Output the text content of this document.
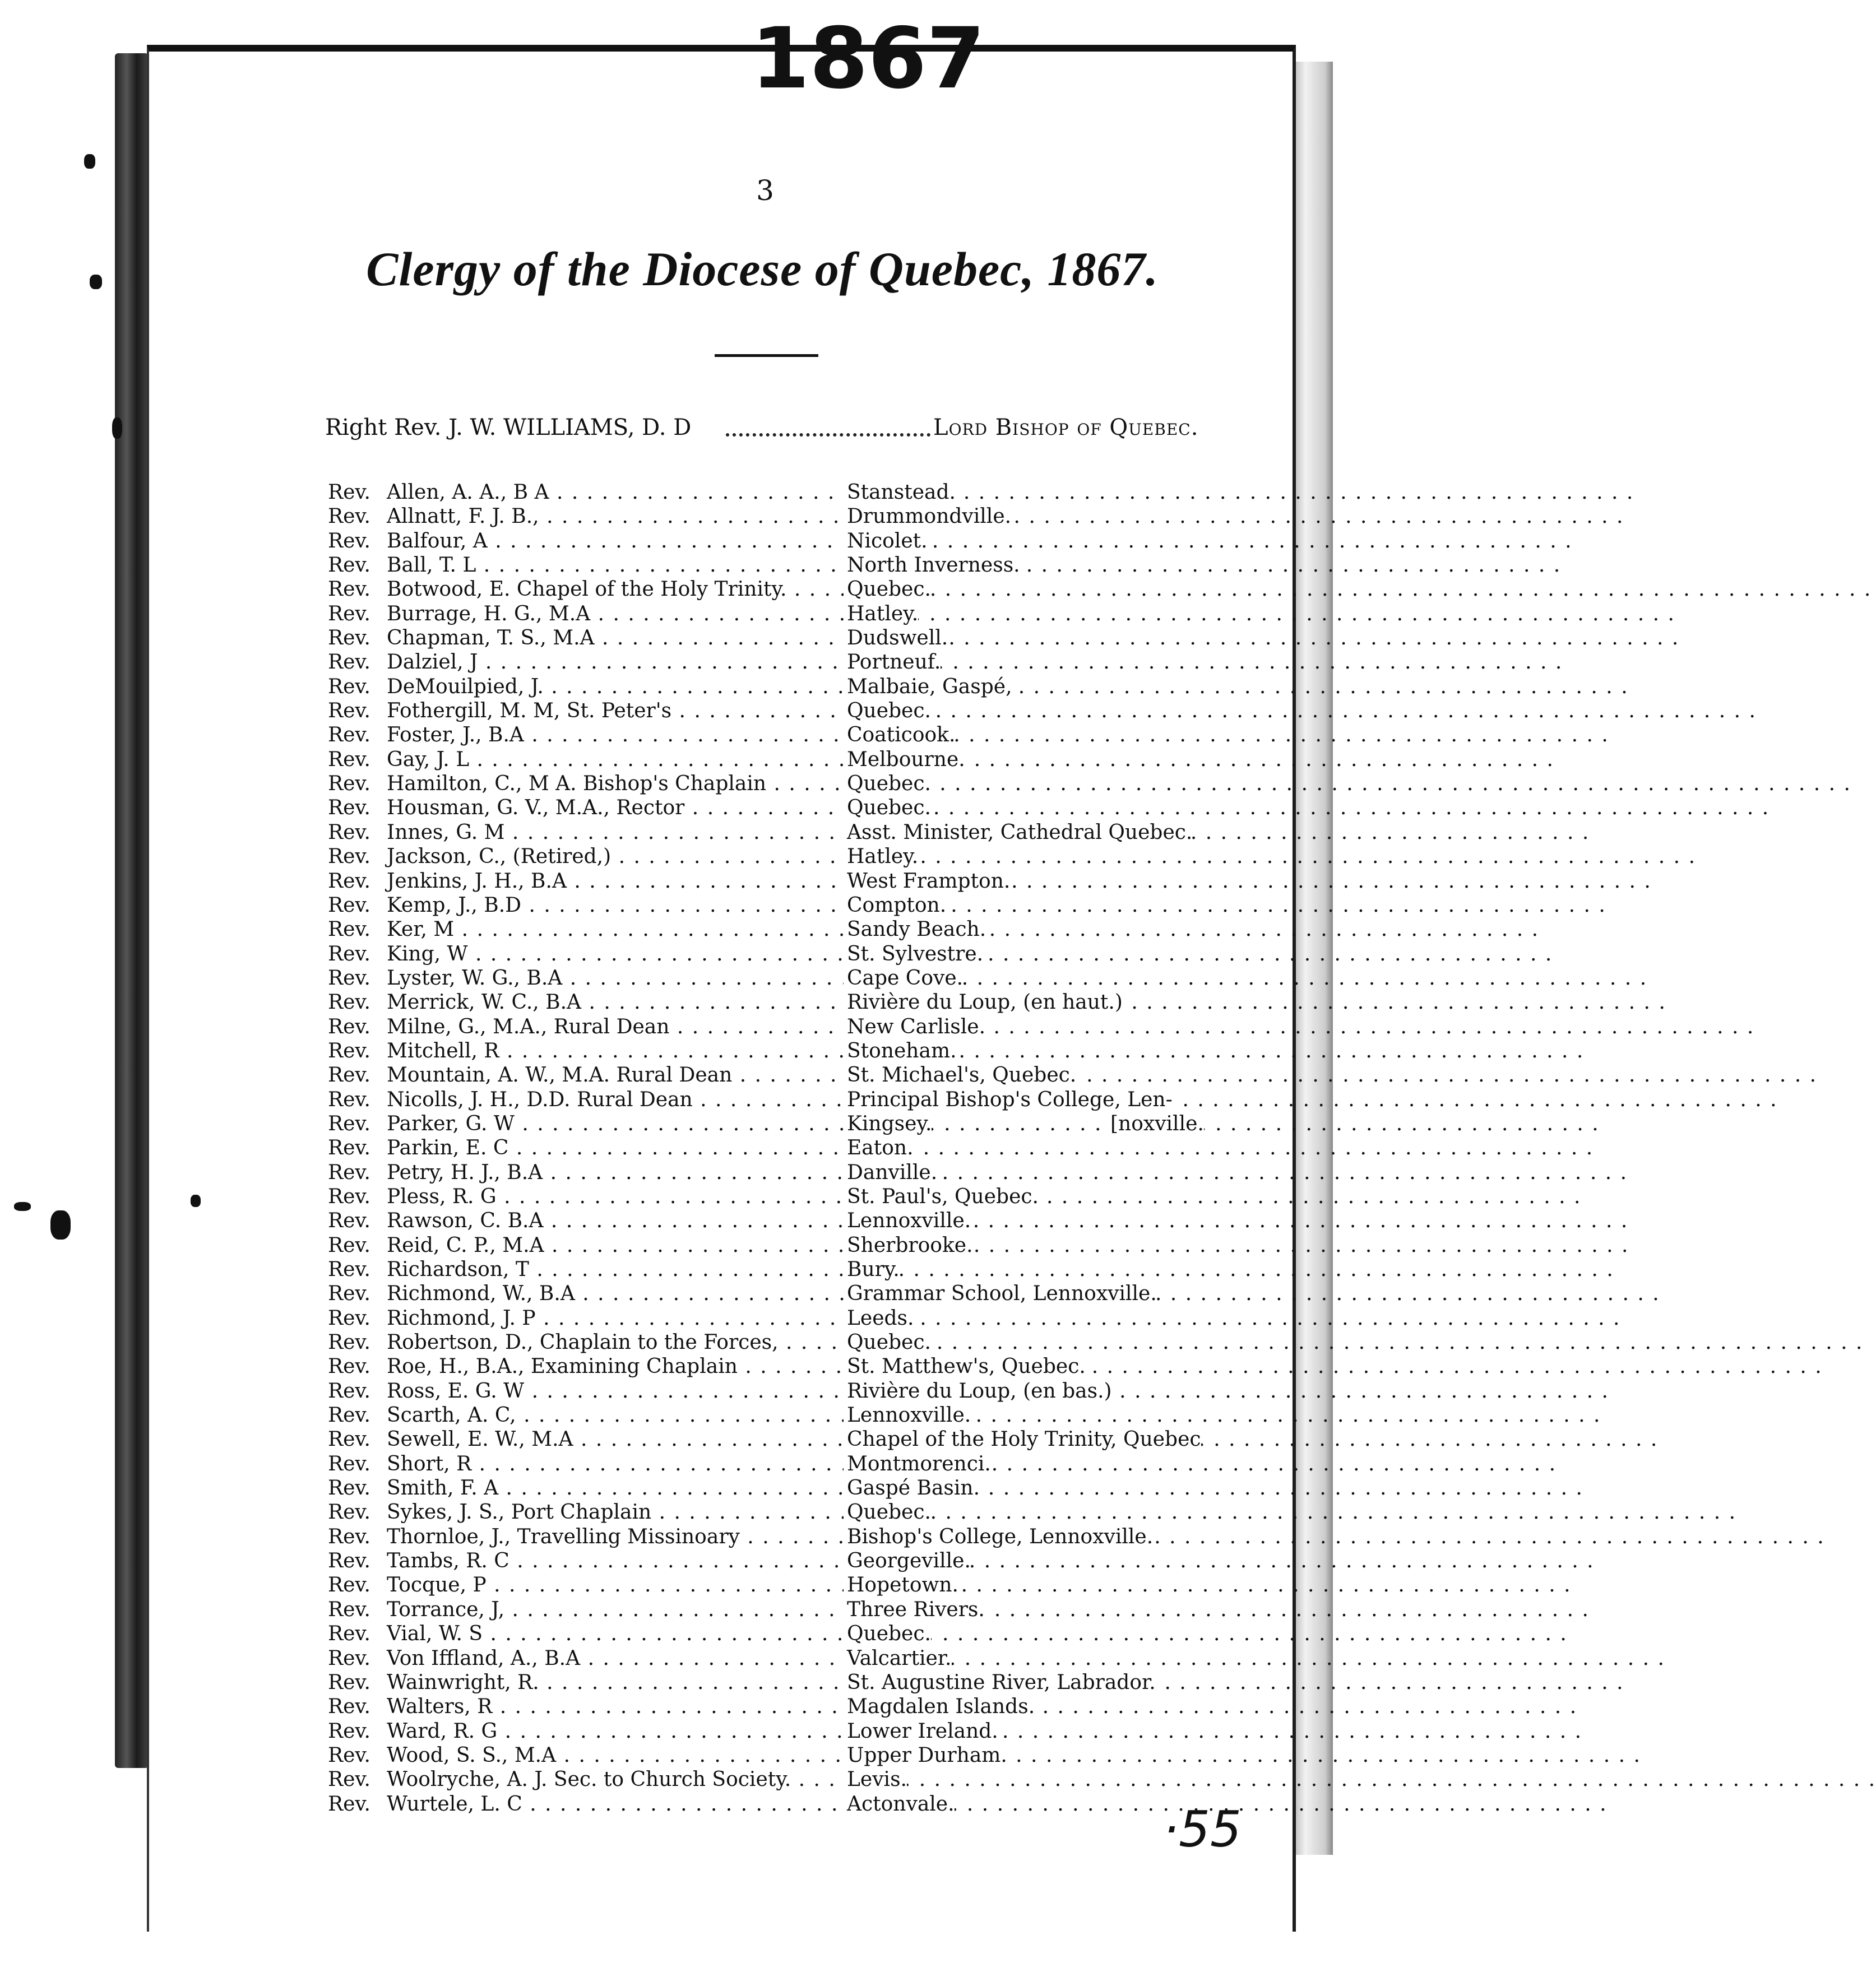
1867
·55
3
Clergy of the Diocese of Quebec, 1867.
Right Rev. J. W. WILLIAMS, D. D	Lord Bishop of Quebec.
Rev. Allen, A. A., B A . . .	Stanstead.
Rev. Allnatt, F. J. B., . . .	Drummondville.
Rev. Balfour, A . . .	Nicolet.
Rev. Ball, T. L . . .	North Inverness.
Rev. Botwood, E. Chapel of the Holy Trinity. . . .	Quebec.
Rev. Burrage, H. G., M.A . . .	Hatley.
Rev. Chapman, T. S., M.A . . .	Dudswell.
Rev. Dalziel, J . . .	Portneuf.
Rev. DeMouilpied, J. . . .	Malbaie, Gaspé,
Rev. Fothergill, M. M, St. Peter's . . .	Quebec.
Rev. Foster, J., B.A . . .	Coaticook.
Rev. Gay, J. L . . .	Melbourne.
Rev. Hamilton, C., M A. Bishop's Chaplain . . .	Quebec.
Rev. Housman, G. V., M.A., Rector . . .	Quebec.
Rev. Innes, G. M . . .	Asst. Minister, Cathedral Quebec.
Rev. Jackson, C., (Retired,) . . .	Hatley.
Rev. Jenkins, J. H., B.A . . .	West Frampton.
Rev. Kemp, J., B.D . . .	Compton.
Rev. Ker, M . . .	Sandy Beach.
Rev. King, W . . .	St. Sylvestre.
Rev. Lyster, W. G., B.A . . .	Cape Cove.
Rev. Merrick, W. C., B.A . . .	Rivière du Loup, (en haut.)
Rev. Milne, G., M.A., Rural Dean . . .	New Carlisle.
Rev. Mitchell, R . . .	Stoneham.
Rev. Mountain, A. W., M.A. Rural Dean . . .	St. Michael's, Quebec.
Rev. Nicolls, J. H., D.D. Rural Dean . . .	Principal Bishop's College, Len-
Rev. Parker, G. W . . .	Kingsey.	[noxville.
Rev. Parkin, E. C . . .	Eaton.
Rev. Petry, H. J., B.A . . .	Danville.
Rev. Pless, R. G . . .	St. Paul's, Quebec.
Rev. Rawson, C. B.A . . .	Lennoxville.
Rev. Reid, C. P., M.A . . .	Sherbrooke.
Rev. Richardson, T . . .	Bury.
Rev. Richmond, W., B.A . . .	Grammar School, Lennoxville.
Rev. Richmond, J. P . . .	Leeds.
Rev. Robertson, D., Chaplain to the Forces, . . .	Quebec.
Rev. Roe, H., B.A., Examining Chaplain . . .	St. Matthew's, Quebec.
Rev. Ross, E. G. W . . .	Rivière du Loup, (en bas.)
Rev. Scarth, A. C, . . .	Lennoxville.
Rev. Sewell, E. W., M.A . . .	Chapel of the Holy Trinity, Quebec
Rev. Short, R . . .	Montmorenci.
Rev. Smith, F. A . . .	Gaspé Basin.
Rev. Sykes, J. S., Port Chaplain . . .	Quebec.
Rev. Thornloe, J., Travelling Missinoary . . .	Bishop's College, Lennoxville.
Rev. Tambs, R. C . . .	Georgeville.
Rev. Tocque, P . . .	Hopetown.
Rev. Torrance, J, . . .	Three Rivers.
Rev. Vial, W. S . . .	Quebec.
Rev. Von Iffland, A., B.A . . .	Valcartier.
Rev. Wainwright, R. . . .	St. Augustine River, Labrador.
Rev. Walters, R . . .	Magdalen Islands.
Rev. Ward, R. G . . .	Lower Ireland.
Rev. Wood, S. S., M.A . . .	Upper Durham.
Rev. Woolryche, A. J. Sec. to Church Society. . . .	Levis.
Rev. Wurtele, L. C . . .	Actonvale.
